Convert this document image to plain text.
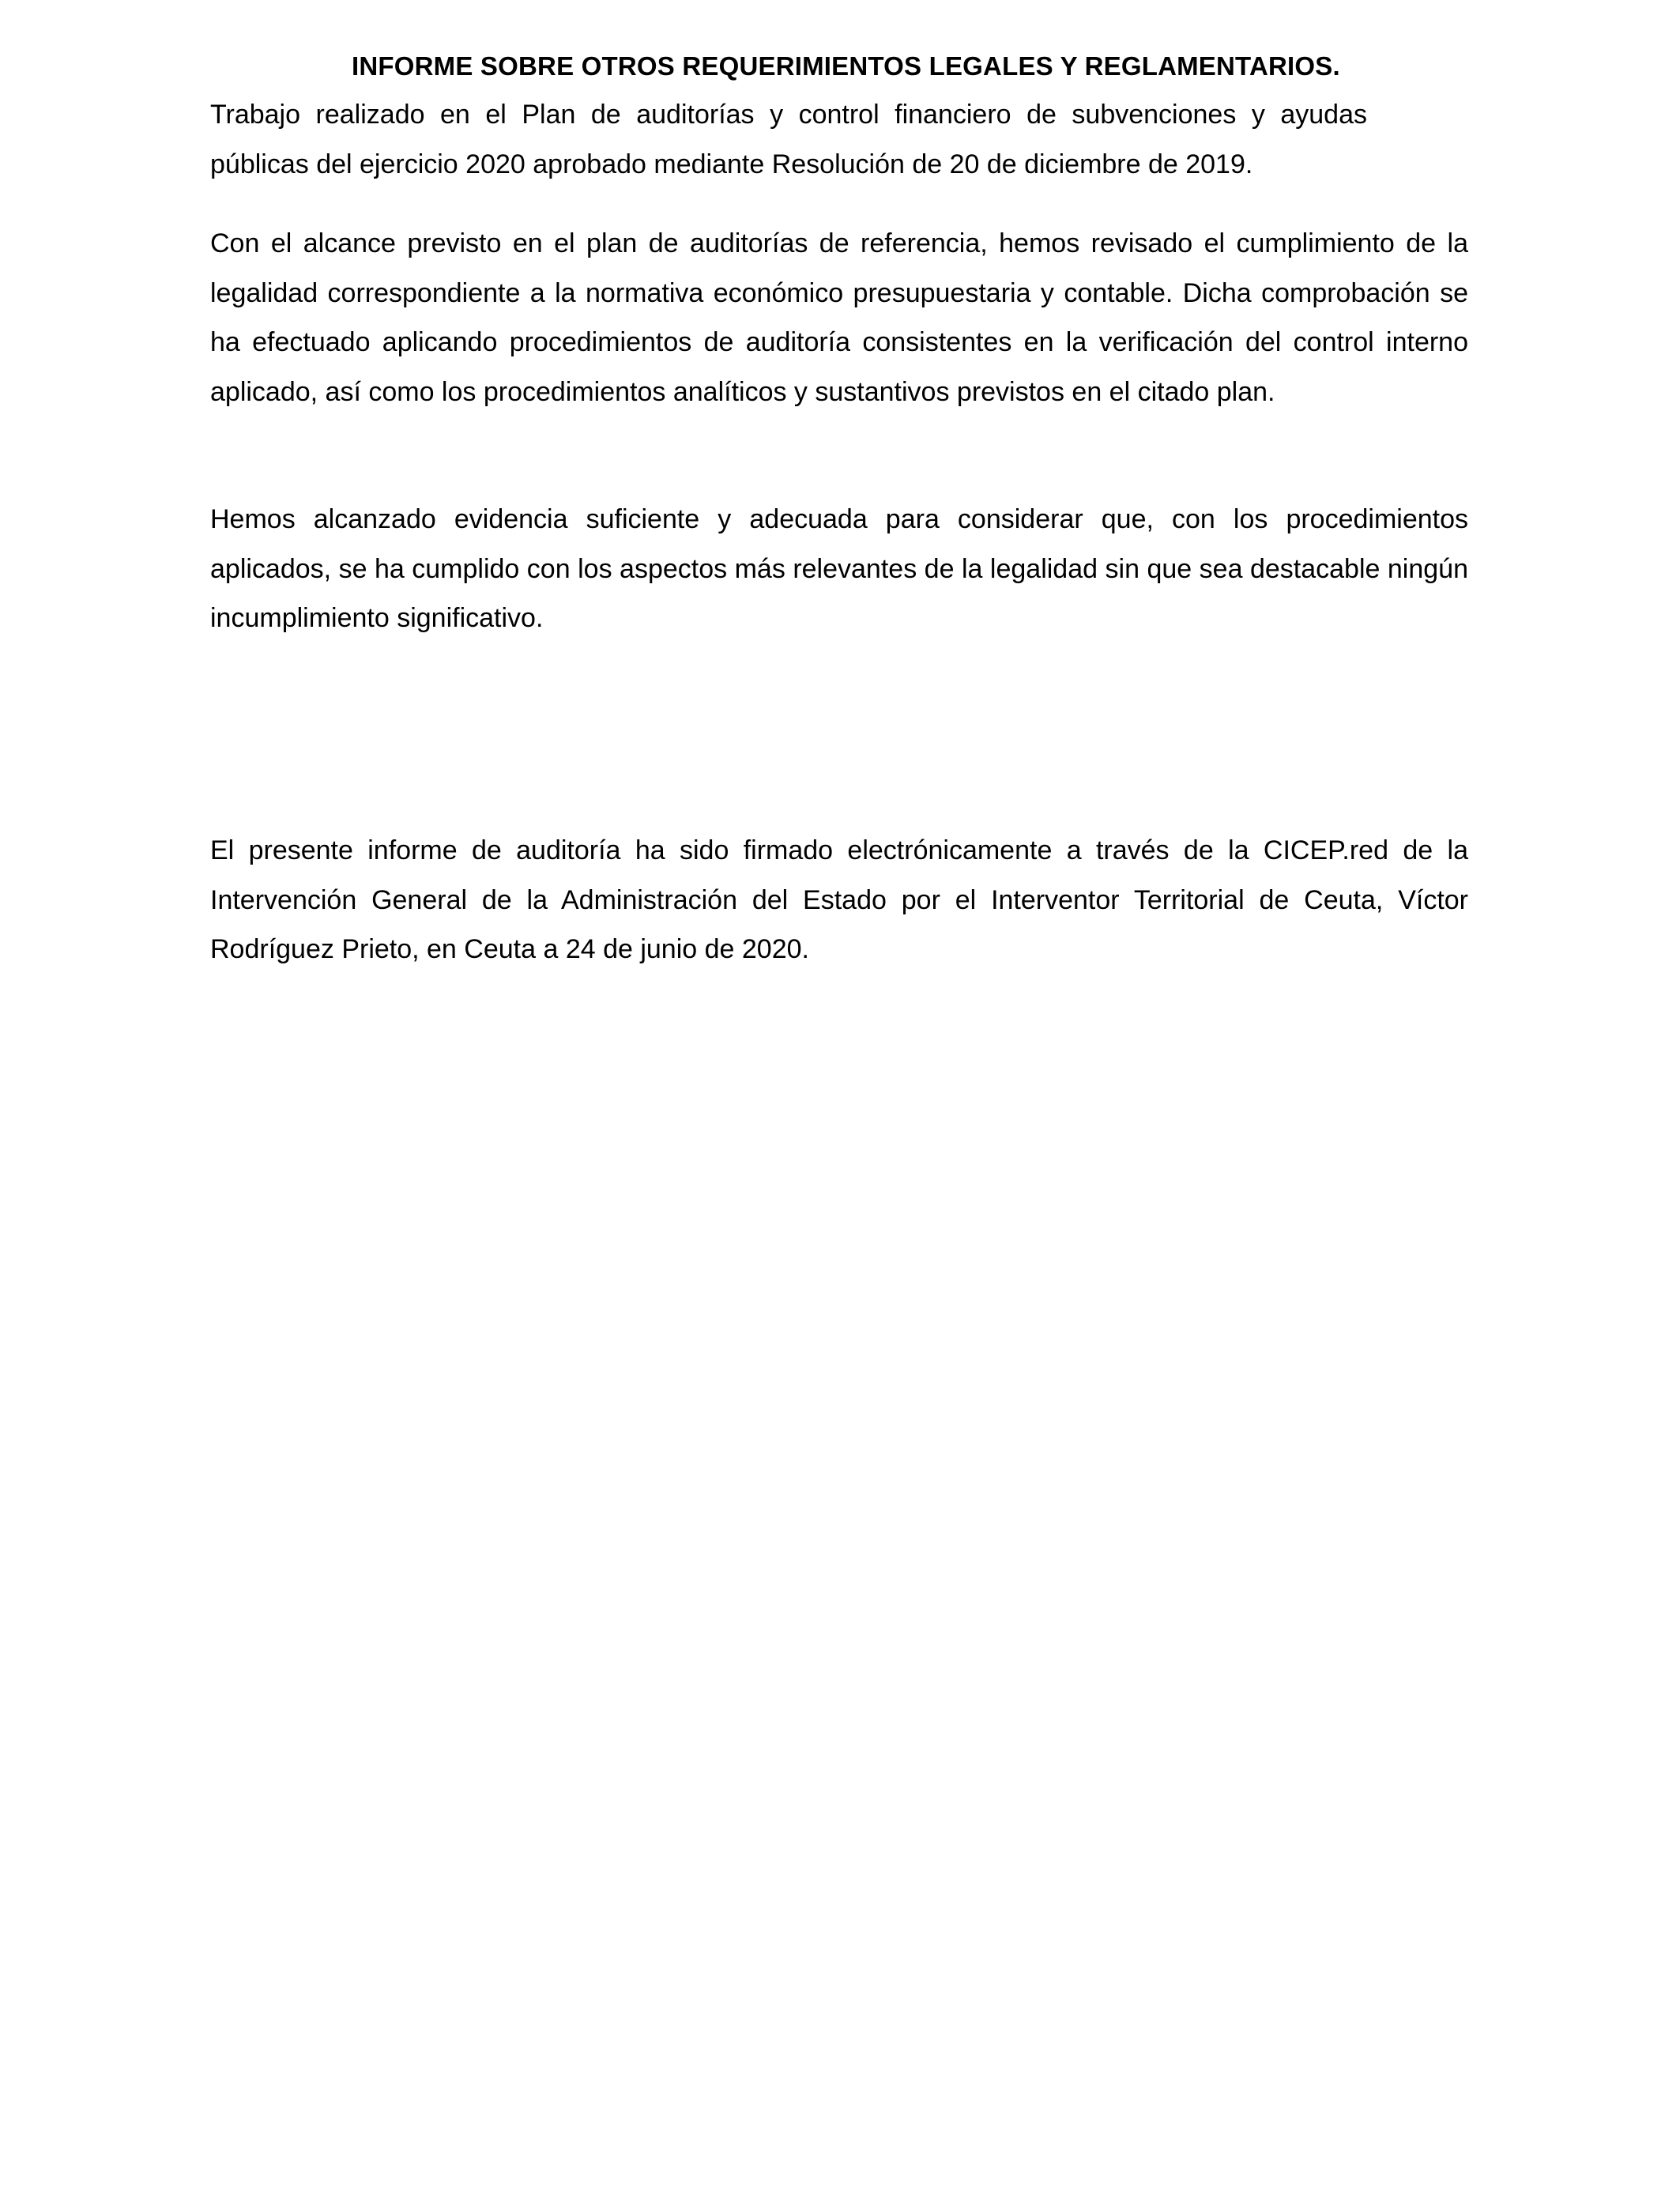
INFORME SOBRE OTROS REQUERIMIENTOS LEGALES Y REGLAMENTARIOS.

Trabajo realizado en el Plan de auditorías y control financiero de subvenciones y ayudas públicas del ejercicio 2020 aprobado mediante Resolución de 20 de diciembre de 2019.

Con el alcance previsto en el plan de auditorías de referencia, hemos revisado el cumplimiento de la legalidad correspondiente a la normativa económico presupuestaria y contable. Dicha comprobación se ha efectuado aplicando procedimientos de auditoría consistentes en la verificación del control interno aplicado, así como los procedimientos analíticos y sustantivos previstos en el citado plan.

Hemos alcanzado evidencia suficiente y adecuada para considerar que, con los procedimientos aplicados, se ha cumplido con los aspectos más relevantes de la legalidad sin que sea destacable ningún incumplimiento significativo.

El presente informe de auditoría ha sido firmado electrónicamente a través de la CICEP.red de la Intervención General de la Administración del Estado por el Interventor Territorial de Ceuta, Víctor Rodríguez Prieto, en Ceuta a 24 de junio de 2020.
